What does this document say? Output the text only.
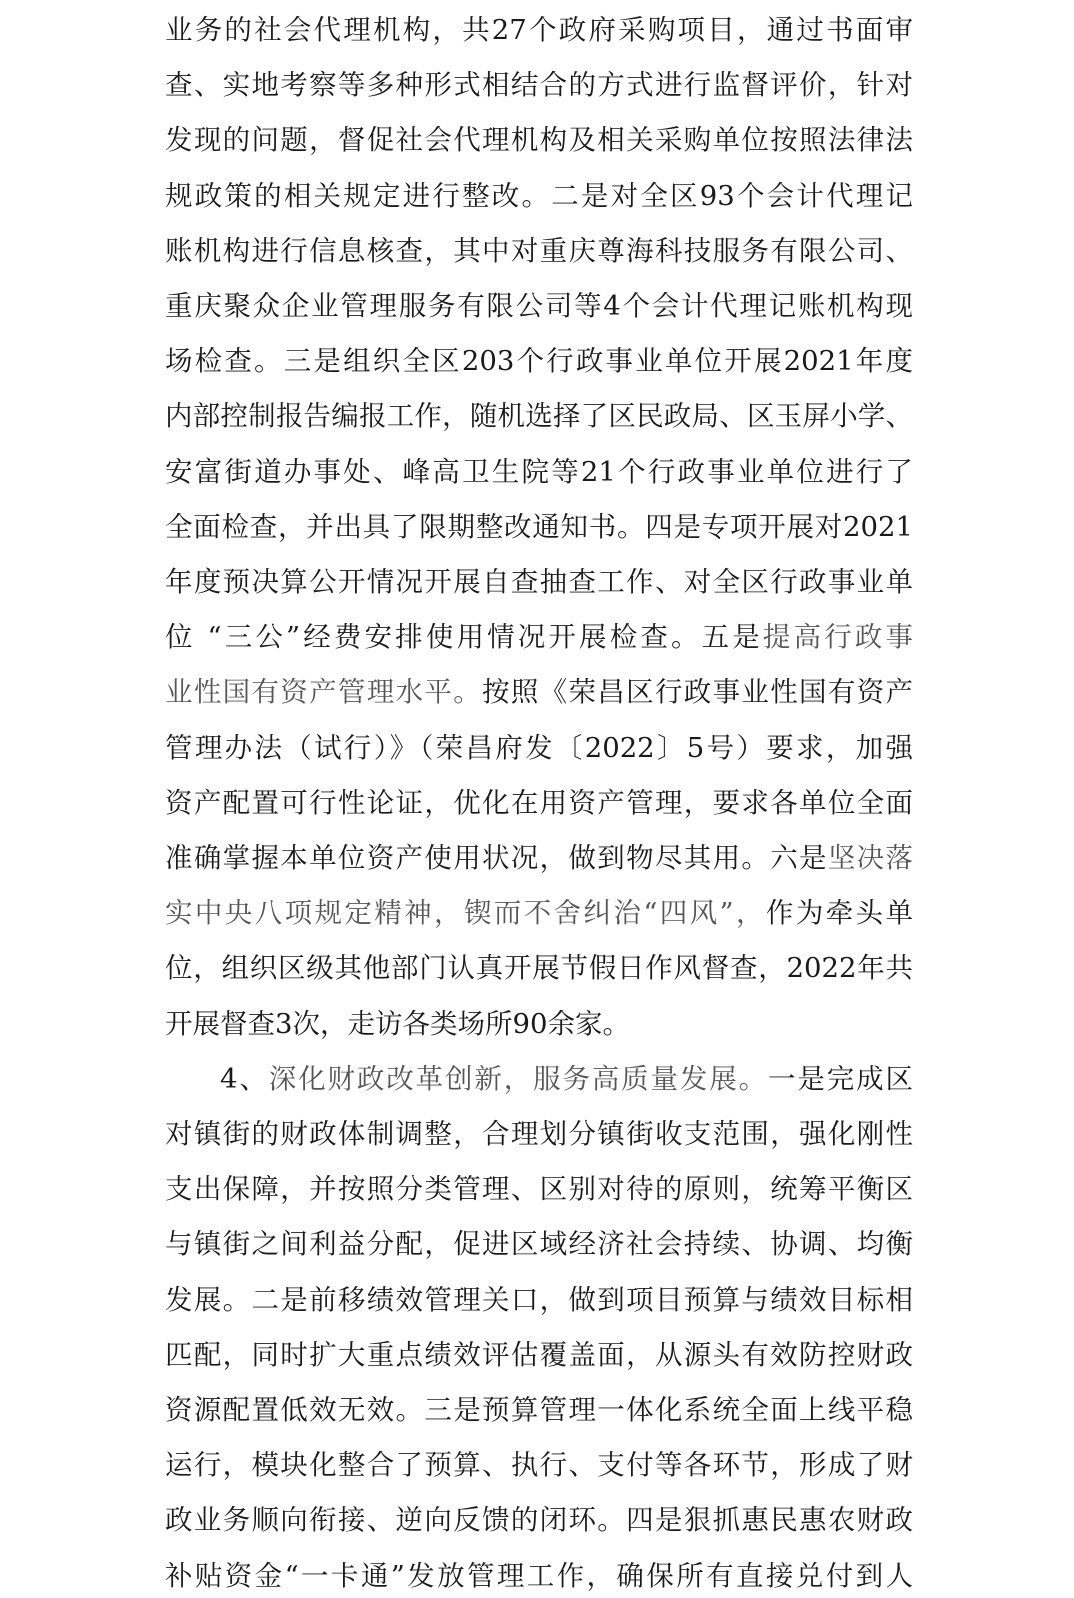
业务的社会代理机构，共27个政府采购项目，通过书面审
查、实地考察等多种形式相结合的方式进行监督评价，针对
发现的问题，督促社会代理机构及相关采购单位按照法律法
规政策的相关规定进行整改。二是对全区93个会计代理记
账机构进行信息核查，其中对重庆尊海科技服务有限公司、
重庆聚众企业管理服务有限公司等4个会计代理记账机构现
场检查。三是组织全区203个行政事业单位开展2021年度
内部控制报告编报工作，随机选择了区民政局、区玉屏小学、
安富街道办事处、峰高卫生院等21个行政事业单位进行了
全面检查，并出具了限期整改通知书。四是专项开展对2021
年度预决算公开情况开展自查抽查工作、对全区行政事业单
位 “三公”经费安排使用情况开展检查。五是提高行政事
业性国有资产管理水平。按照《荣昌区行政事业性国有资产
管理办法（试行）》（荣昌府发〔2022〕5号）要求，加强
资产配置可行性论证，优化在用资产管理，要求各单位全面
准确掌握本单位资产使用状况，做到物尽其用。六是坚决落
实中央八项规定精神，锲而不舍纠治“四风”，作为牵头单
位，组织区级其他部门认真开展节假日作风督查，2022年共
开展督查3次，走访各类场所90余家。
4、深化财政改革创新，服务高质量发展。一是完成区
对镇街的财政体制调整，合理划分镇街收支范围，强化刚性
支出保障，并按照分类管理、区别对待的原则，统筹平衡区
与镇街之间利益分配，促进区域经济社会持续、协调、均衡
发展。二是前移绩效管理关口，做到项目预算与绩效目标相
匹配，同时扩大重点绩效评估覆盖面，从源头有效防控财政
资源配置低效无效。三是预算管理一体化系统全面上线平稳
运行，模块化整合了预算、执行、支付等各环节，形成了财
政业务顺向衔接、逆向反馈的闭环。四是狠抓惠民惠农财政
补贴资金“一卡通”发放管理工作，确保所有直接兑付到人
